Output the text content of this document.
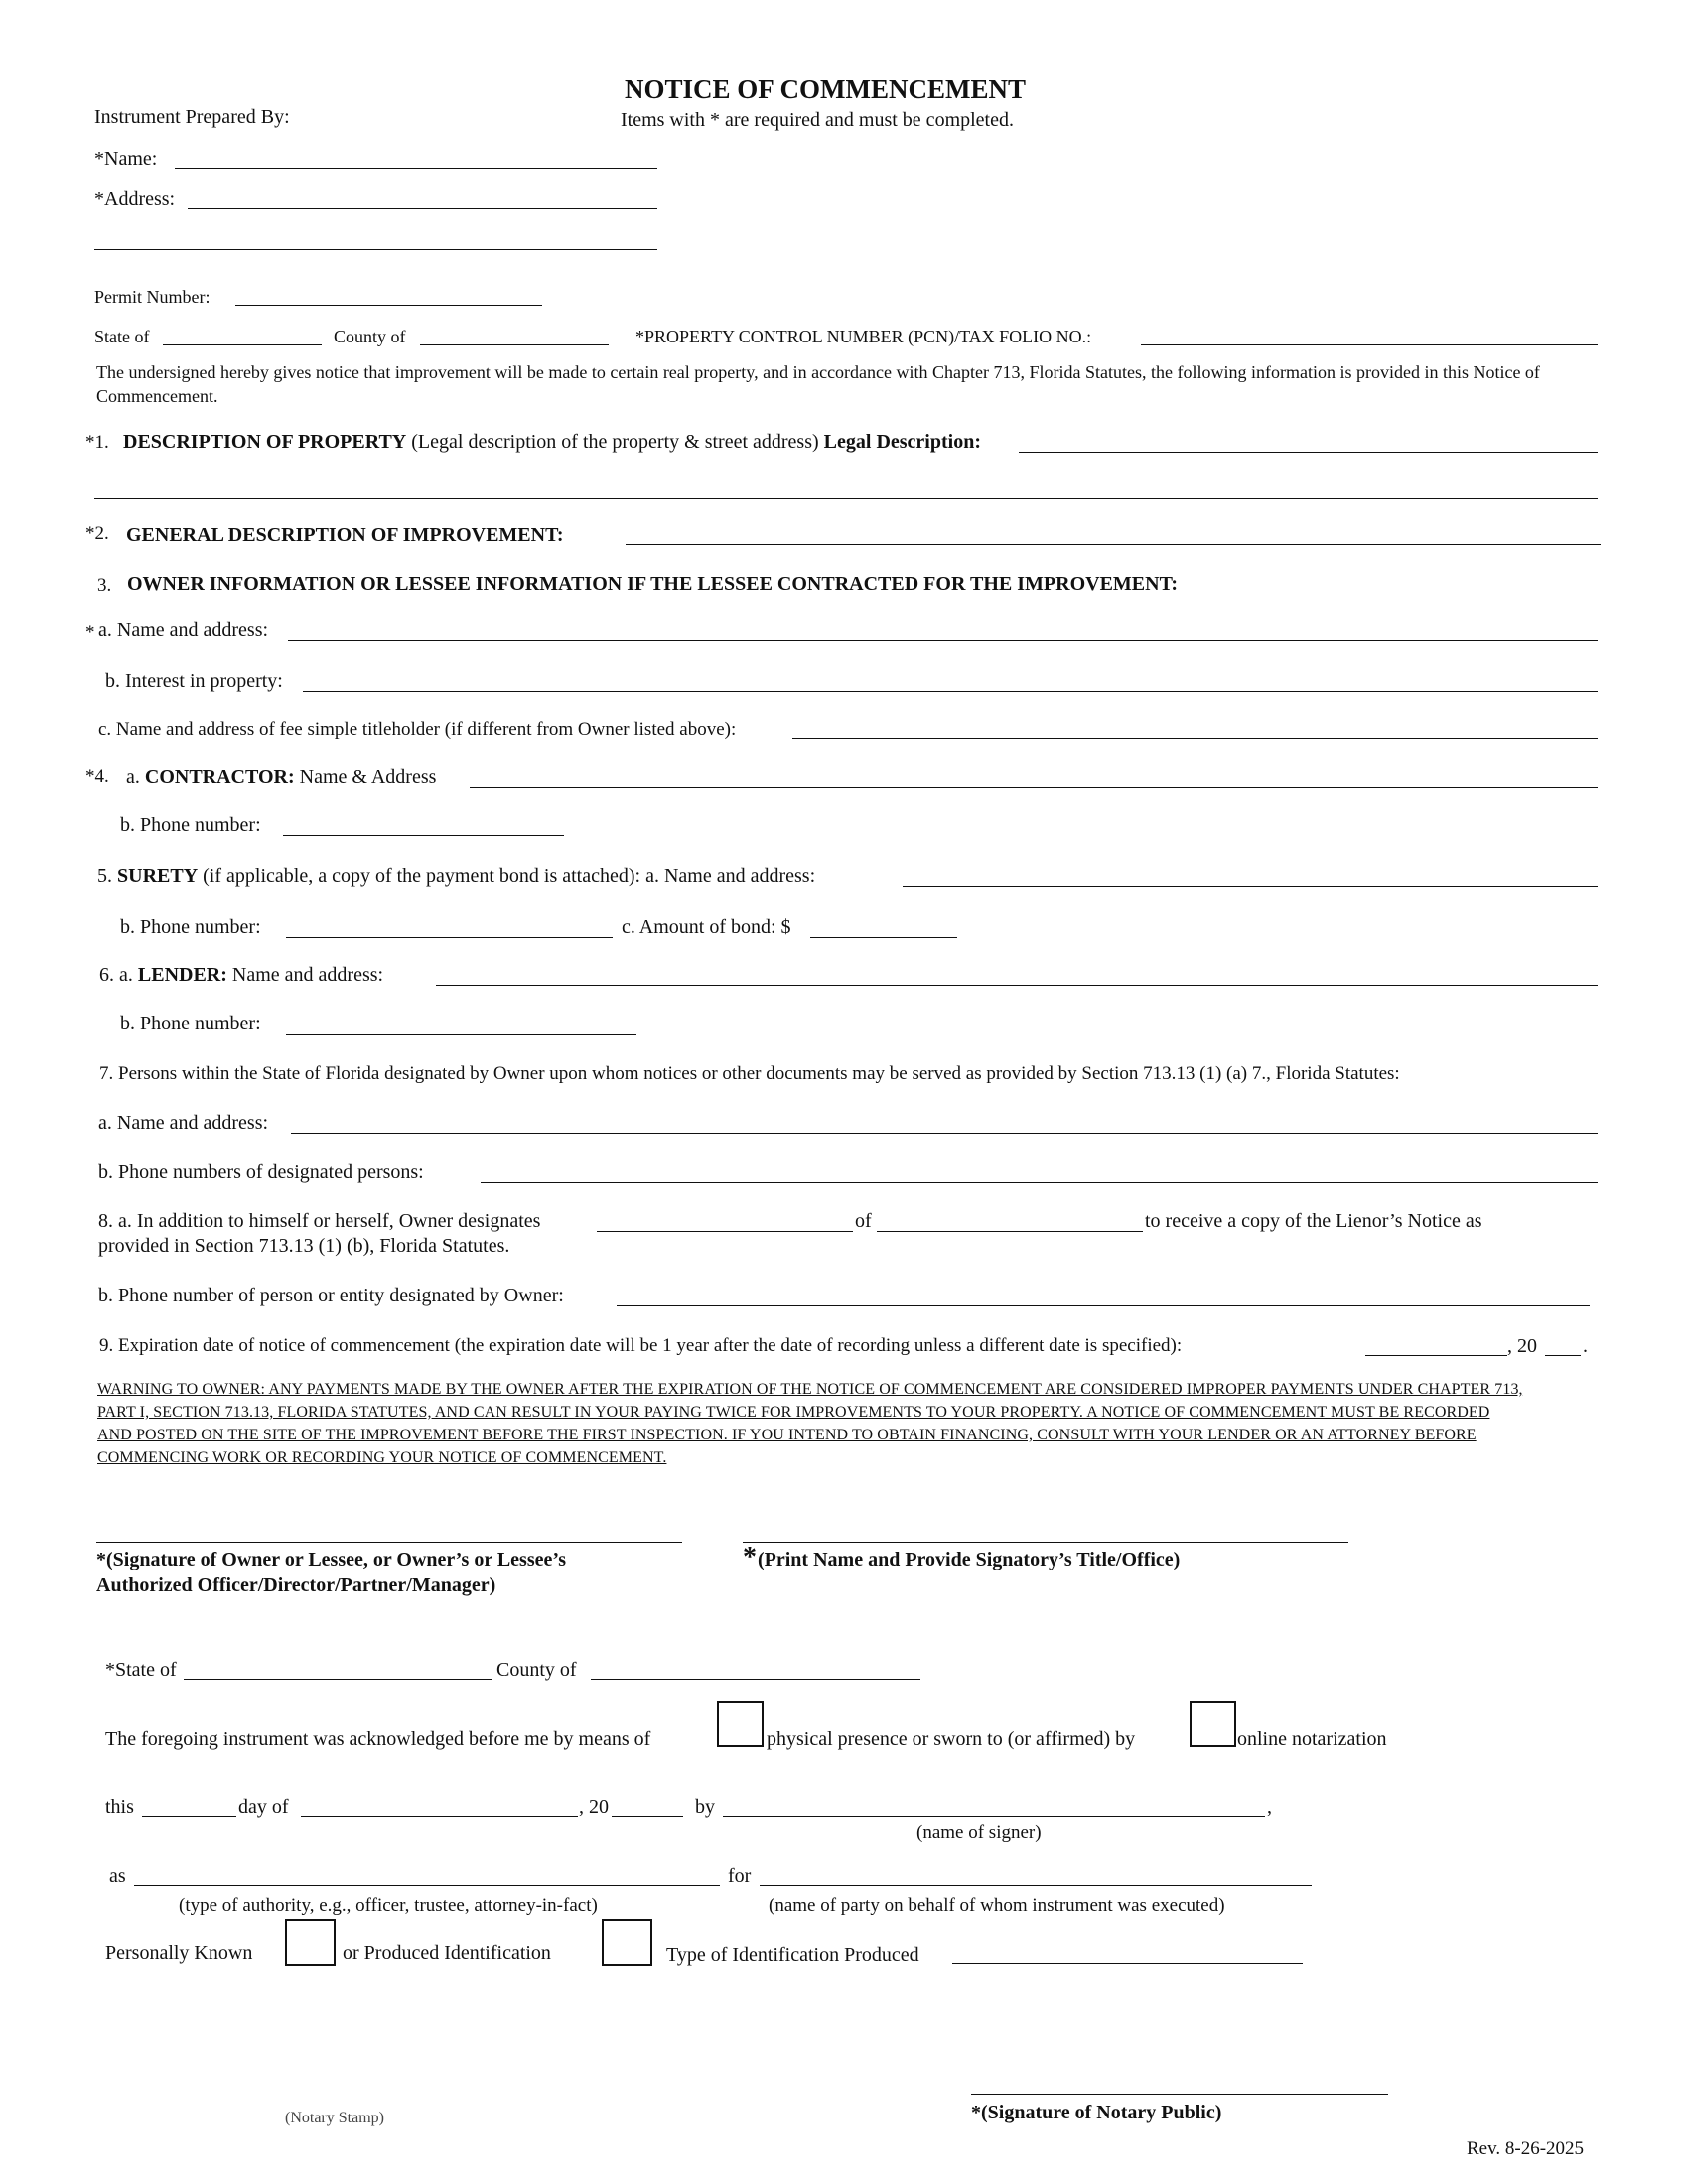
NOTICE OF COMMENCEMENT
Items with * are required and must be completed.
Instrument Prepared By:
*Name:
*Address:
Permit Number:
State of	County of	*PROPERTY CONTROL NUMBER (PCN)/TAX FOLIO NO.:
The undersigned hereby gives notice that improvement will be made to certain real property, and in accordance with Chapter 713, Florida Statutes, the following information is provided in this Notice of Commencement.
*1. DESCRIPTION OF PROPERTY (Legal description of the property & street address) Legal Description:
*2. GENERAL DESCRIPTION OF IMPROVEMENT:
3. OWNER INFORMATION OR LESSEE INFORMATION IF THE LESSEE CONTRACTED FOR THE IMPROVEMENT:
* a. Name and address:
b. Interest in property:
c. Name and address of fee simple titleholder (if different from Owner listed above):
*4. a. CONTRACTOR: Name & Address
b. Phone number:
5. SURETY (if applicable, a copy of the payment bond is attached): a. Name and address:
b. Phone number:	c. Amount of bond: $
6. a. LENDER: Name and address:
b. Phone number:
7. Persons within the State of Florida designated by Owner upon whom notices or other documents may be served as provided by Section 713.13 (1) (a) 7., Florida Statutes:
a. Name and address:
b. Phone numbers of designated persons:
8. a. In addition to himself or herself, Owner designates	of	to receive a copy of the Lienor’s Notice as
provided in Section 713.13 (1) (b), Florida Statutes.
b. Phone number of person or entity designated by Owner:
9. Expiration date of notice of commencement (the expiration date will be 1 year after the date of recording unless a different date is specified):	, 20 .
WARNING TO OWNER: ANY PAYMENTS MADE BY THE OWNER AFTER THE EXPIRATION OF THE NOTICE OF COMMENCEMENT ARE CONSIDERED IMPROPER PAYMENTS UNDER CHAPTER 713, PART I, SECTION 713.13, FLORIDA STATUTES, AND CAN RESULT IN YOUR PAYING TWICE FOR IMPROVEMENTS TO YOUR PROPERTY. A NOTICE OF COMMENCEMENT MUST BE RECORDED AND POSTED ON THE SITE OF THE IMPROVEMENT BEFORE THE FIRST INSPECTION. IF YOU INTEND TO OBTAIN FINANCING, CONSULT WITH YOUR LENDER OR AN ATTORNEY BEFORE COMMENCING WORK OR RECORDING YOUR NOTICE OF COMMENCEMENT.
*(Signature of Owner or Lessee, or Owner’s or Lessee’s
Authorized Officer/Director/Partner/Manager)
* (Print Name and Provide Signatory’s Title/Office)
*State of	County of
The foregoing instrument was acknowledged before me by means of	physical presence or sworn to (or affirmed) by	online notarization
this	day of	, 20	by	,
(name of signer)
as	for
(type of authority, e.g., officer, trustee, attorney-in-fact)	(name of party on behalf of whom instrument was executed)
Personally Known	or Produced Identification	Type of Identification Produced
*(Signature of Notary Public)
(Notary Stamp)
Rev. 8-26-2025
